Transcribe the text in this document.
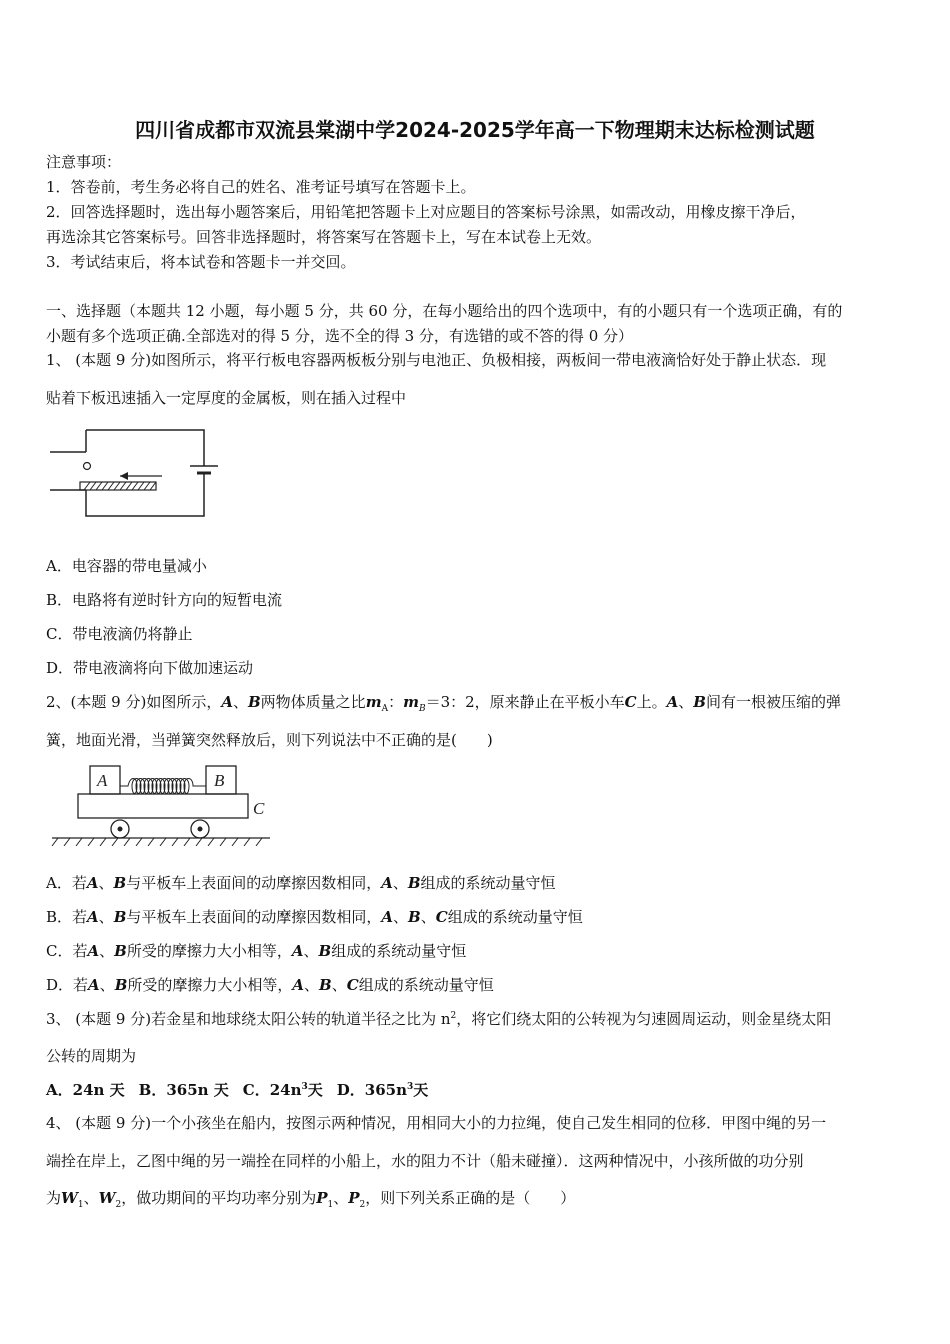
四川省成都市双流县棠湖中学2024-2025学年高一下物理期末达标检测试题
注意事项：
1．答卷前，考生务必将自己的姓名、准考证号填写在答题卡上。
2．回答选择题时，选出每小题答案后，用铅笔把答题卡上对应题目的答案标号涂黑，如需改动，用橡皮擦干净后，
再选涂其它答案标号。回答非选择题时，将答案写在答题卡上，写在本试卷上无效。
3．考试结束后，将本试卷和答题卡一并交回。
一、选择题（本题共 12 小题，每小题 5 分，共 60 分，在每小题给出的四个选项中，有的小题只有一个选项正确，有的
小题有多个选项正确.全部选对的得 5 分，选不全的得 3 分，有选错的或不答的得 0 分）
1、 (本题 9 分)如图所示，将平行板电容器两板板分别与电池正、负极相接，两板间一带电液滴恰好处于静止状态．现
贴着下板迅速插入一定厚度的金属板，则在插入过程中
A．电容器的带电量减小
B．电路将有逆时针方向的短暂电流
C．带电液滴仍将静止
D．带电液滴将向下做加速运动
2、(本题 9 分)如图所示，A、B两物体质量之比$m_A$：$m_B=3$：2，原来静止在平板小车C上。A、B间有一根被压缩的弹
簧，地面光滑，当弹簧突然释放后，则下列说法中不正确的是(　　)
A	B
C
A．若A、B与平板车上表面间的动摩擦因数相同，A、B组成的系统动量守恒
B．若A、B与平板车上表面间的动摩擦因数相同，A、B、C组成的系统动量守恒
C．若A、B所受的摩擦力大小相等，A、B组成的系统动量守恒
D．若A、B所受的摩擦力大小相等，A、B、C组成的系统动量守恒
3、 (本题 9 分)若金星和地球绕太阳公转的轨道半径之比为 $n^2$，将它们绕太阳的公转视为匀速圆周运动，则金星绕太阳
公转的周期为
A．24n 天 B．365n 天 C．$24n^3$天 D．$365n^3$天
4、 (本题 9 分)一个小孩坐在船内，按图示两种情况，用相同大小的力拉绳，使自己发生相同的位移．甲图中绳的另一
端拴在岸上，乙图中绳的另一端拴在同样的小船上，水的阻力不计（船未碰撞）．这两种情况中，小孩所做的功分别
为$W_1$、$W_2$，做功期间的平均功率分别为$P_1$、$P_2$，则下列关系正确的是（　　）
